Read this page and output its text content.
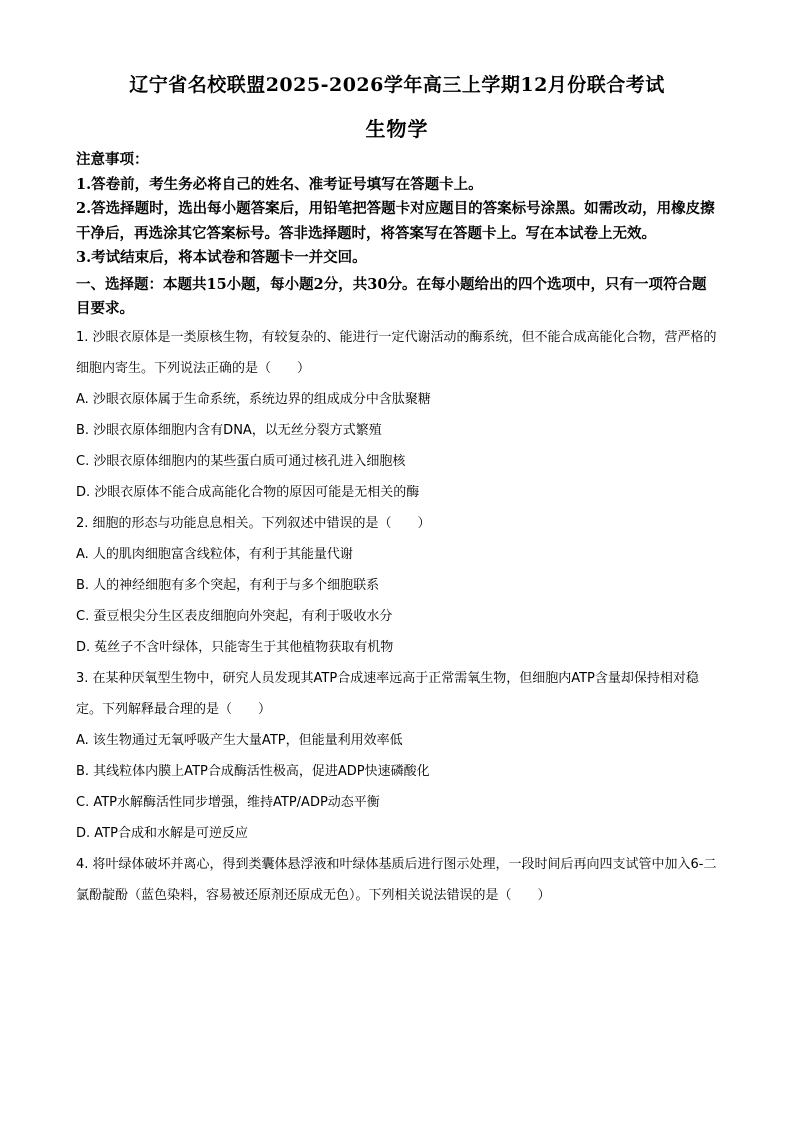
辽宁省名校联盟2025-2026学年高三上学期12月份联合考试
生物学

注意事项：

1.答卷前，考生务必将自己的姓名、准考证号填写在答题卡上。

2.答选择题时，选出每小题答案后，用铅笔把答题卡对应题目的答案标号涂黑。如需改动，用橡皮擦干净后，再选涂其它答案标号。答非选择题时，将答案写在答题卡上。写在本试卷上无效。

3.考试结束后，将本试卷和答题卡一并交回。

一、选择题：本题共15小题，每小题2分，共30分。在每小题给出的四个选项中，只有一项符合题目要求。

1. 沙眼衣原体是一类原核生物，有较复杂的、能进行一定代谢活动的酶系统，但不能合成高能化合物，营严格的细胞内寄生。下列说法正确的是（　　）

A. 沙眼衣原体属于生命系统，系统边界的组成成分中含肽聚糖

B. 沙眼衣原体细胞内含有DNA，以无丝分裂方式繁殖

C. 沙眼衣原体细胞内的某些蛋白质可通过核孔进入细胞核

D. 沙眼衣原体不能合成高能化合物的原因可能是无相关的酶

2. 细胞的形态与功能息息相关。下列叙述中错误的是（　　）

A. 人的肌肉细胞富含线粒体，有利于其能量代谢

B. 人的神经细胞有多个突起，有利于与多个细胞联系

C. 蚕豆根尖分生区表皮细胞向外突起，有利于吸收水分

D. 菟丝子不含叶绿体，只能寄生于其他植物获取有机物

3. 在某种厌氧型生物中，研究人员发现其ATP合成速率远高于正常需氧生物，但细胞内ATP含量却保持相对稳定。下列解释最合理的是（　　）

A. 该生物通过无氧呼吸产生大量ATP，但能量利用效率低

B. 其线粒体内膜上ATP合成酶活性极高，促进ADP快速磷酸化

C. ATP水解酶活性同步增强，维持ATP/ADP动态平衡

D. ATP合成和水解是可逆反应

4. 将叶绿体破坏并离心，得到类囊体悬浮液和叶绿体基质后进行图示处理，一段时间后再向四支试管中加入6-二氯酚靛酚（蓝色染料，容易被还原剂还原成无色）。下列相关说法错误的是（　　）
